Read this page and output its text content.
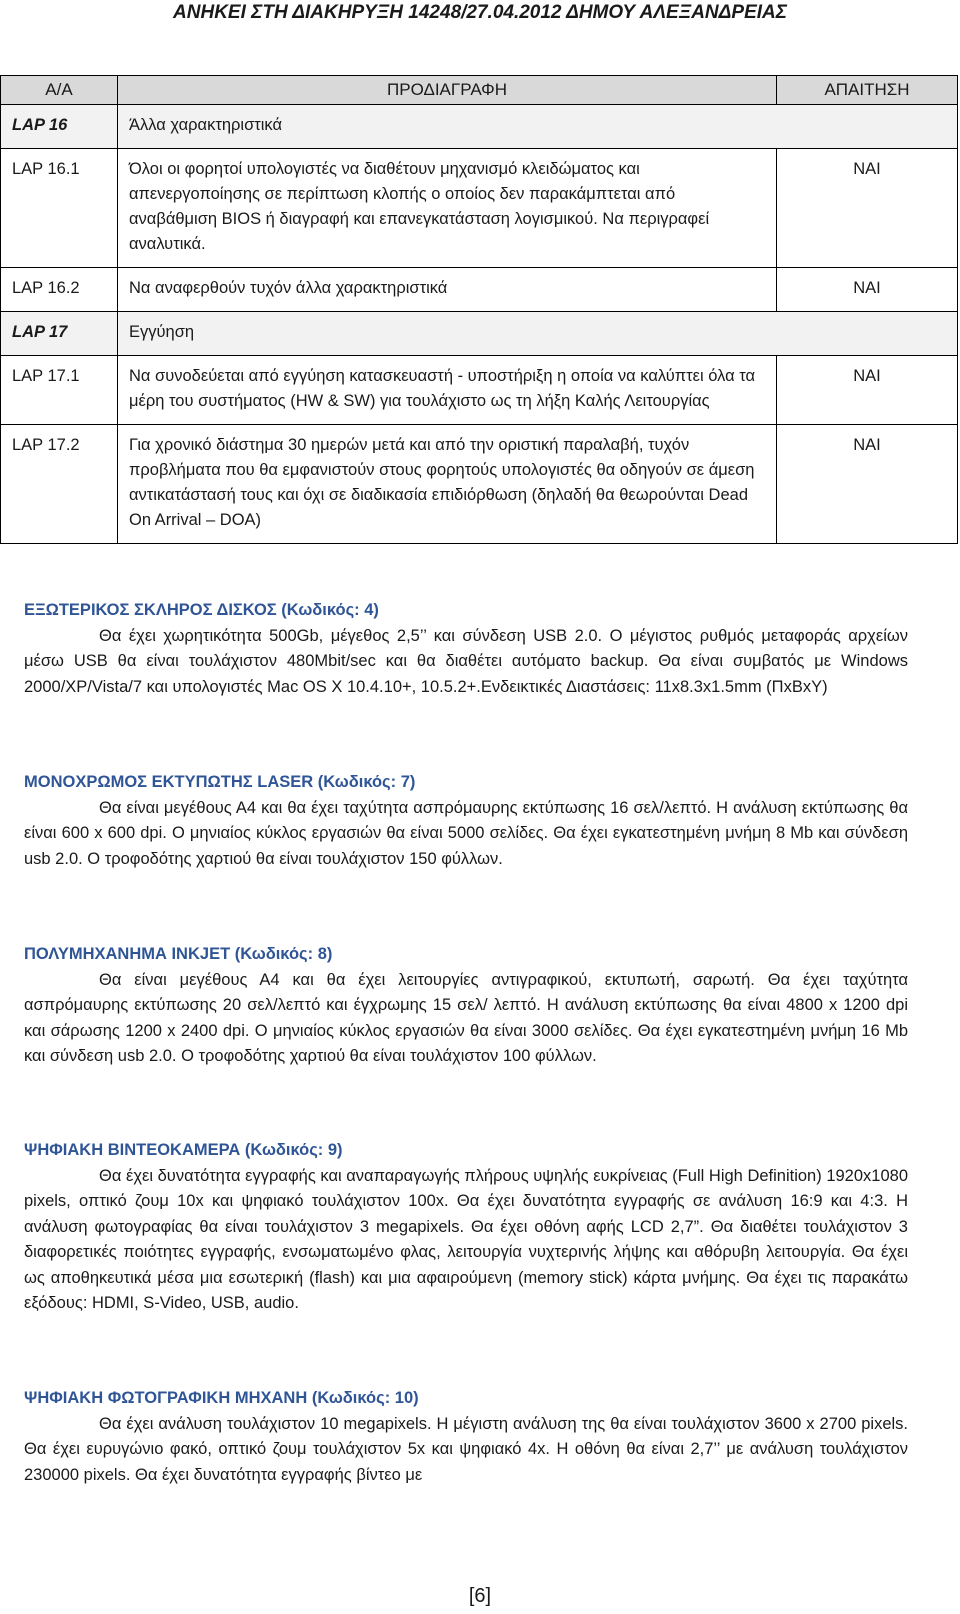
ΑΝΗΚΕΙ ΣΤΗ ΔΙΑΚΗΡΥΞΗ 14248/27.04.2012 ΔΗΜΟΥ ΑΛΕΞΑΝΔΡΕΙΑΣ
Α/Α	ΠΡΟΔΙΑΓΡΑΦΗ	ΑΠΑΙΤΗΣΗ

LAP 16	Άλλα χαρακτηριστικά	

LAP 16.1	Όλοι οι φορητοί υπολογιστές να διαθέτουν μηχανισμό κλειδώματος και απενεργοποίησης σε περίπτωση κλοπής ο οποίος δεν παρακάμπτεται από αναβάθμιση BIOS ή διαγραφή και επανεγκατάσταση λογισμικού. Να περιγραφεί αναλυτικά.	ΝΑΙ

LAP 16.2	Να αναφερθούν τυχόν άλλα χαρακτηριστικά	ΝΑΙ

LAP 17	Εγγύηση	

LAP 17.1	Να συνοδεύεται από εγγύηση κατασκευαστή - υποστήριξη η οποία να καλύπτει όλα τα μέρη του συστήματος (HW & SW) για τουλάχιστο ως τη λήξη Καλής Λειτουργίας	ΝΑΙ

LAP 17.2	Για χρονικό διάστημα 30 ημερών μετά και από την οριστική παραλαβή, τυχόν προβλήματα που θα εμφανιστούν στους φορητούς υπολογιστές θα οδηγούν σε άμεση αντικατάστασή τους και όχι σε διαδικασία επιδιόρθωση (δηλαδή θα θεωρούνται Dead On Arrival – DOA)	ΝΑΙ
ΕΞΩΤΕΡΙΚΟΣ ΣΚΛΗΡΟΣ ΔΙΣΚΟΣ (Κωδικός: 4)
Θα έχει χωρητικότητα 500Gb, μέγεθος 2,5’’ και σύνδεση USB 2.0. Ο μέγιστος ρυθμός μεταφοράς αρχείων μέσω USB θα είναι τουλάχιστον 480Mbit/sec και θα διαθέτει αυτόματο backup. Θα είναι συμβατός με Windows 2000/XP/Vista/7 και υπολογιστές Mac OS X 10.4.10+, 10.5.2+.Ενδεικτικές Διαστάσεις: 11x8.3x1.5mm (ΠxBxY)
ΜΟΝΟΧΡΩΜΟΣ ΕΚΤΥΠΩΤΗΣ LASER (Κωδικός: 7)
Θα είναι μεγέθους Α4 και θα έχει ταχύτητα ασπρόμαυρης εκτύπωσης 16 σελ/λεπτό. Η ανάλυση εκτύπωσης θα είναι 600 x 600 dpi. O μηνιαίος κύκλος εργασιών θα είναι 5000 σελίδες. Θα έχει εγκατεστημένη μνήμη 8 Mb και σύνδεση usb 2.0. O τροφοδότης χαρτιού θα είναι τουλάχιστον 150 φύλλων.
ΠΟΛΥΜΗΧΑΝΗΜΑ INKJET (Κωδικός: 8)
Θα είναι μεγέθους Α4 και θα έχει λειτουργίες αντιγραφικού, εκτυπωτή, σαρωτή. Θα έχει ταχύτητα ασπρόμαυρης εκτύπωσης 20 σελ/λεπτό και έγχρωμης 15 σελ/ λεπτό. Η ανάλυση εκτύπωσης θα είναι 4800 x 1200 dpi και σάρωσης 1200 x 2400 dpi. O μηνιαίος κύκλος εργασιών θα είναι 3000 σελίδες. Θα έχει εγκατεστημένη μνήμη 16 Mb και σύνδεση usb 2.0. O τροφοδότης χαρτιού θα είναι τουλάχιστον 100 φύλλων.
ΨΗΦΙΑΚΗ ΒΙΝΤΕΟΚΑΜΕΡΑ (Κωδικός: 9)
Θα έχει δυνατότητα εγγραφής και αναπαραγωγής πλήρους υψηλής ευκρίνειας (Full High Definition) 1920x1080 pixels, οπτικό ζουμ 10x και ψηφιακό τουλάχιστον 100x. Θα έχει δυνατότητα εγγραφής σε ανάλυση 16:9 και 4:3. Η ανάλυση φωτογραφίας θα είναι τουλάχιστον 3 megapixels. Θα έχει οθόνη αφής LCD 2,7”. Θα διαθέτει τουλάχιστον 3 διαφορετικές ποιότητες εγγραφής, ενσωματωμένο φλας, λειτουργία νυχτερινής λήψης και αθόρυβη λειτουργία. Θα έχει ως αποθηκευτικά μέσα μια εσωτερική (flash) και μια αφαιρούμενη (memory stick) κάρτα μνήμης. Θα έχει τις παρακάτω εξόδους: HDMI, S-Video, USB, audio.
ΨΗΦΙΑΚΗ ΦΩΤΟΓΡΑΦΙΚΗ ΜΗΧΑΝΗ (Κωδικός: 10)
Θα έχει ανάλυση τουλάχιστον 10 megapixels. Η μέγιστη ανάλυση της θα είναι τουλάχιστον 3600 x 2700 pixels. Θα έχει ευρυγώνιο φακό, οπτικό ζουμ τουλάχιστον 5x και ψηφιακό 4x. Η οθόνη θα είναι 2,7’’ με ανάλυση τουλάχιστον 230000 pixels. Θα έχει δυνατότητα εγγραφής βίντεο με
[6]
